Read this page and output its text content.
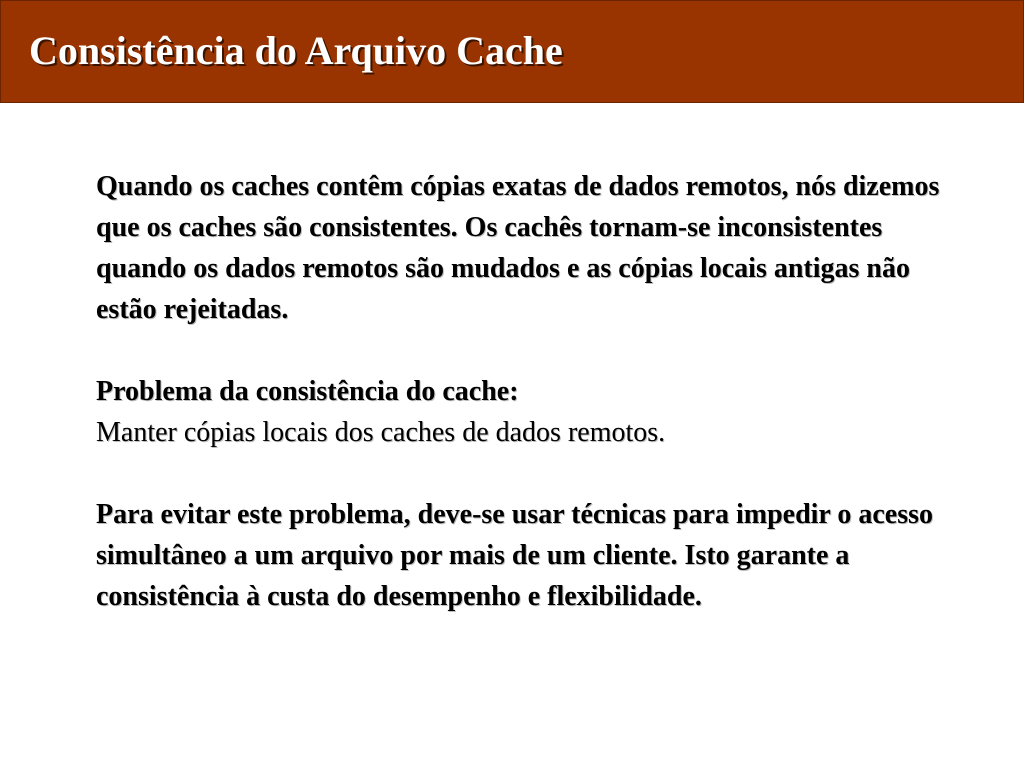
Consistência do Arquivo Cache

Quando os caches contêm cópias exatas de dados remotos, nós dizemos que os caches são consistentes. Os cachês tornam-se inconsistentes quando os dados remotos são mudados e as cópias locais antigas não estão rejeitadas.

Problema da consistência do cache:

Manter cópias locais dos caches de dados remotos.

Para evitar este problema, deve-se usar técnicas para impedir o acesso simultâneo a um arquivo por mais de um cliente. Isto garante a consistência à custa do desempenho e flexibilidade.
